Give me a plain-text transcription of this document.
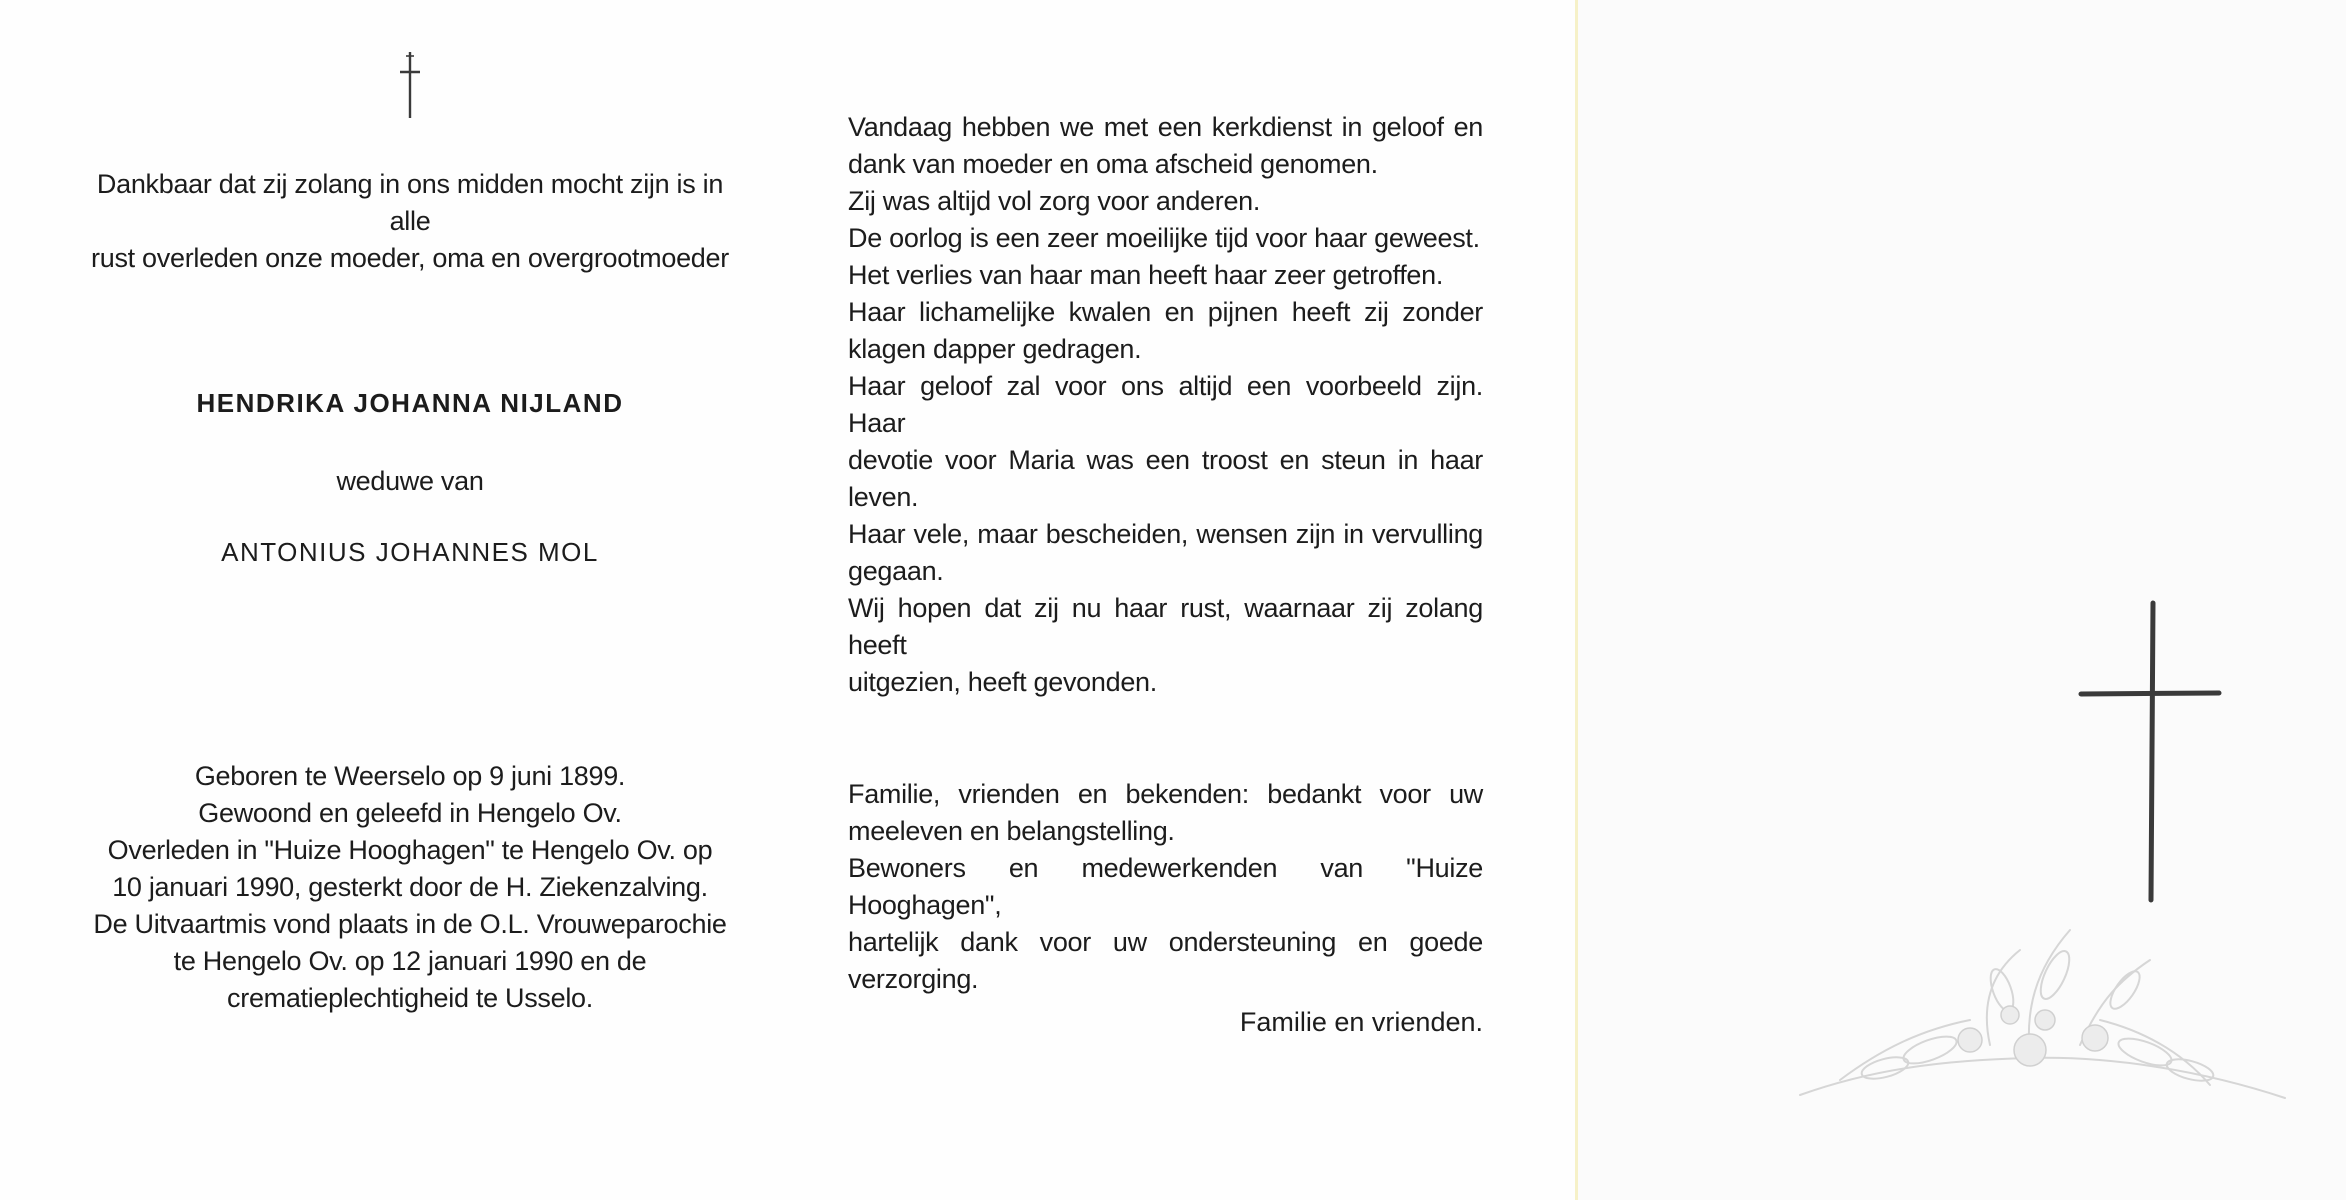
Dankbaar dat zij zolang in ons midden mocht zijn is in alle
rust overleden onze moeder, oma en overgrootmoeder
HENDRIKA JOHANNA NIJLAND
weduwe van
ANTONIUS JOHANNES MOL
Geboren te Weerselo op 9 juni 1899.
Gewoond en geleefd in Hengelo Ov.
Overleden in "Huize Hooghagen" te Hengelo Ov. op
10 januari 1990, gesterkt door de H. Ziekenzalving.
De Uitvaartmis vond plaats in de O.L. Vrouweparochie
te Hengelo Ov. op 12 januari 1990 en de
crematieplechtigheid te Usselo.
Vandaag hebben we met een kerkdienst in geloof en
dank van moeder en oma afscheid genomen.
Zij was altijd vol zorg voor anderen.
De oorlog is een zeer moeilijke tijd voor haar geweest.
Het verlies van haar man heeft haar zeer getroffen.
Haar lichamelijke kwalen en pijnen heeft zij zonder
klagen dapper gedragen.
Haar geloof zal voor ons altijd een voorbeeld zijn. Haar
devotie voor Maria was een troost en steun in haar leven.
Haar vele, maar bescheiden, wensen zijn in vervulling
gegaan.
Wij hopen dat zij nu haar rust, waarnaar zij zolang heeft
uitgezien, heeft gevonden.
Familie, vrienden en bekenden: bedankt voor uw
meeleven en belangstelling.
Bewoners en medewerkenden van "Huize Hooghagen",
hartelijk dank voor uw ondersteuning en goede
verzorging.
Familie en vrienden.
